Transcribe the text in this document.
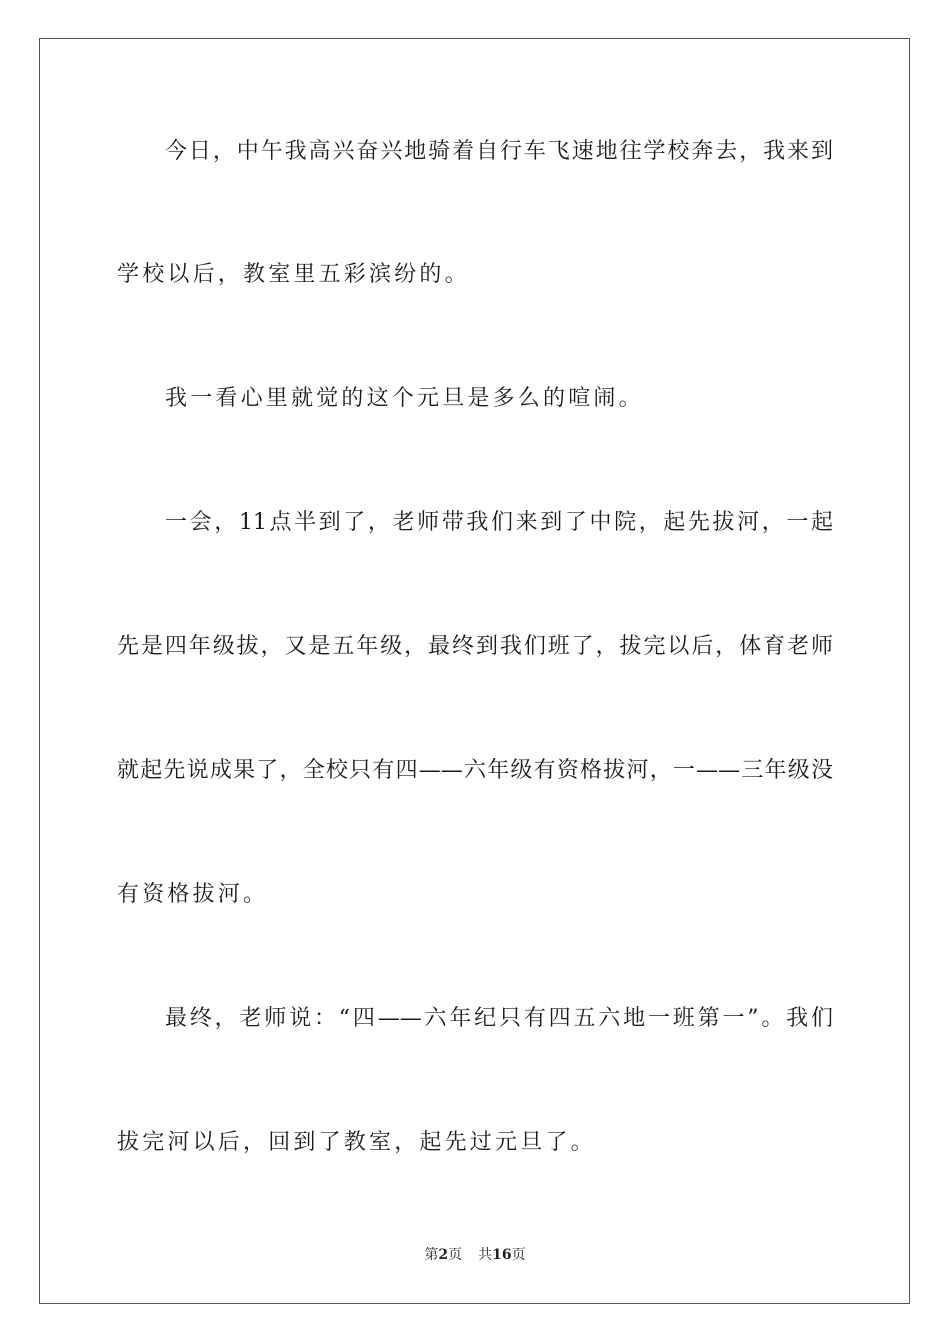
今日，中午我高兴奋兴地骑着自行车飞速地往学校奔去，我来到
学校以后，教室里五彩滨纷的。
我一看心里就觉的这个元旦是多么的喧闹。
一会，11点半到了，老师带我们来到了中院，起先拔河，一起
先是四年级拔，又是五年级，最终到我们班了，拔完以后，体育老师
就起先说成果了，全校只有四——六年级有资格拔河，一——三年级没
有资格拔河。
最终，老师说：“四——六年纪只有四五六地一班第一”。我们
拔完河以后，回到了教室，起先过元旦了。
第2页 共16页
